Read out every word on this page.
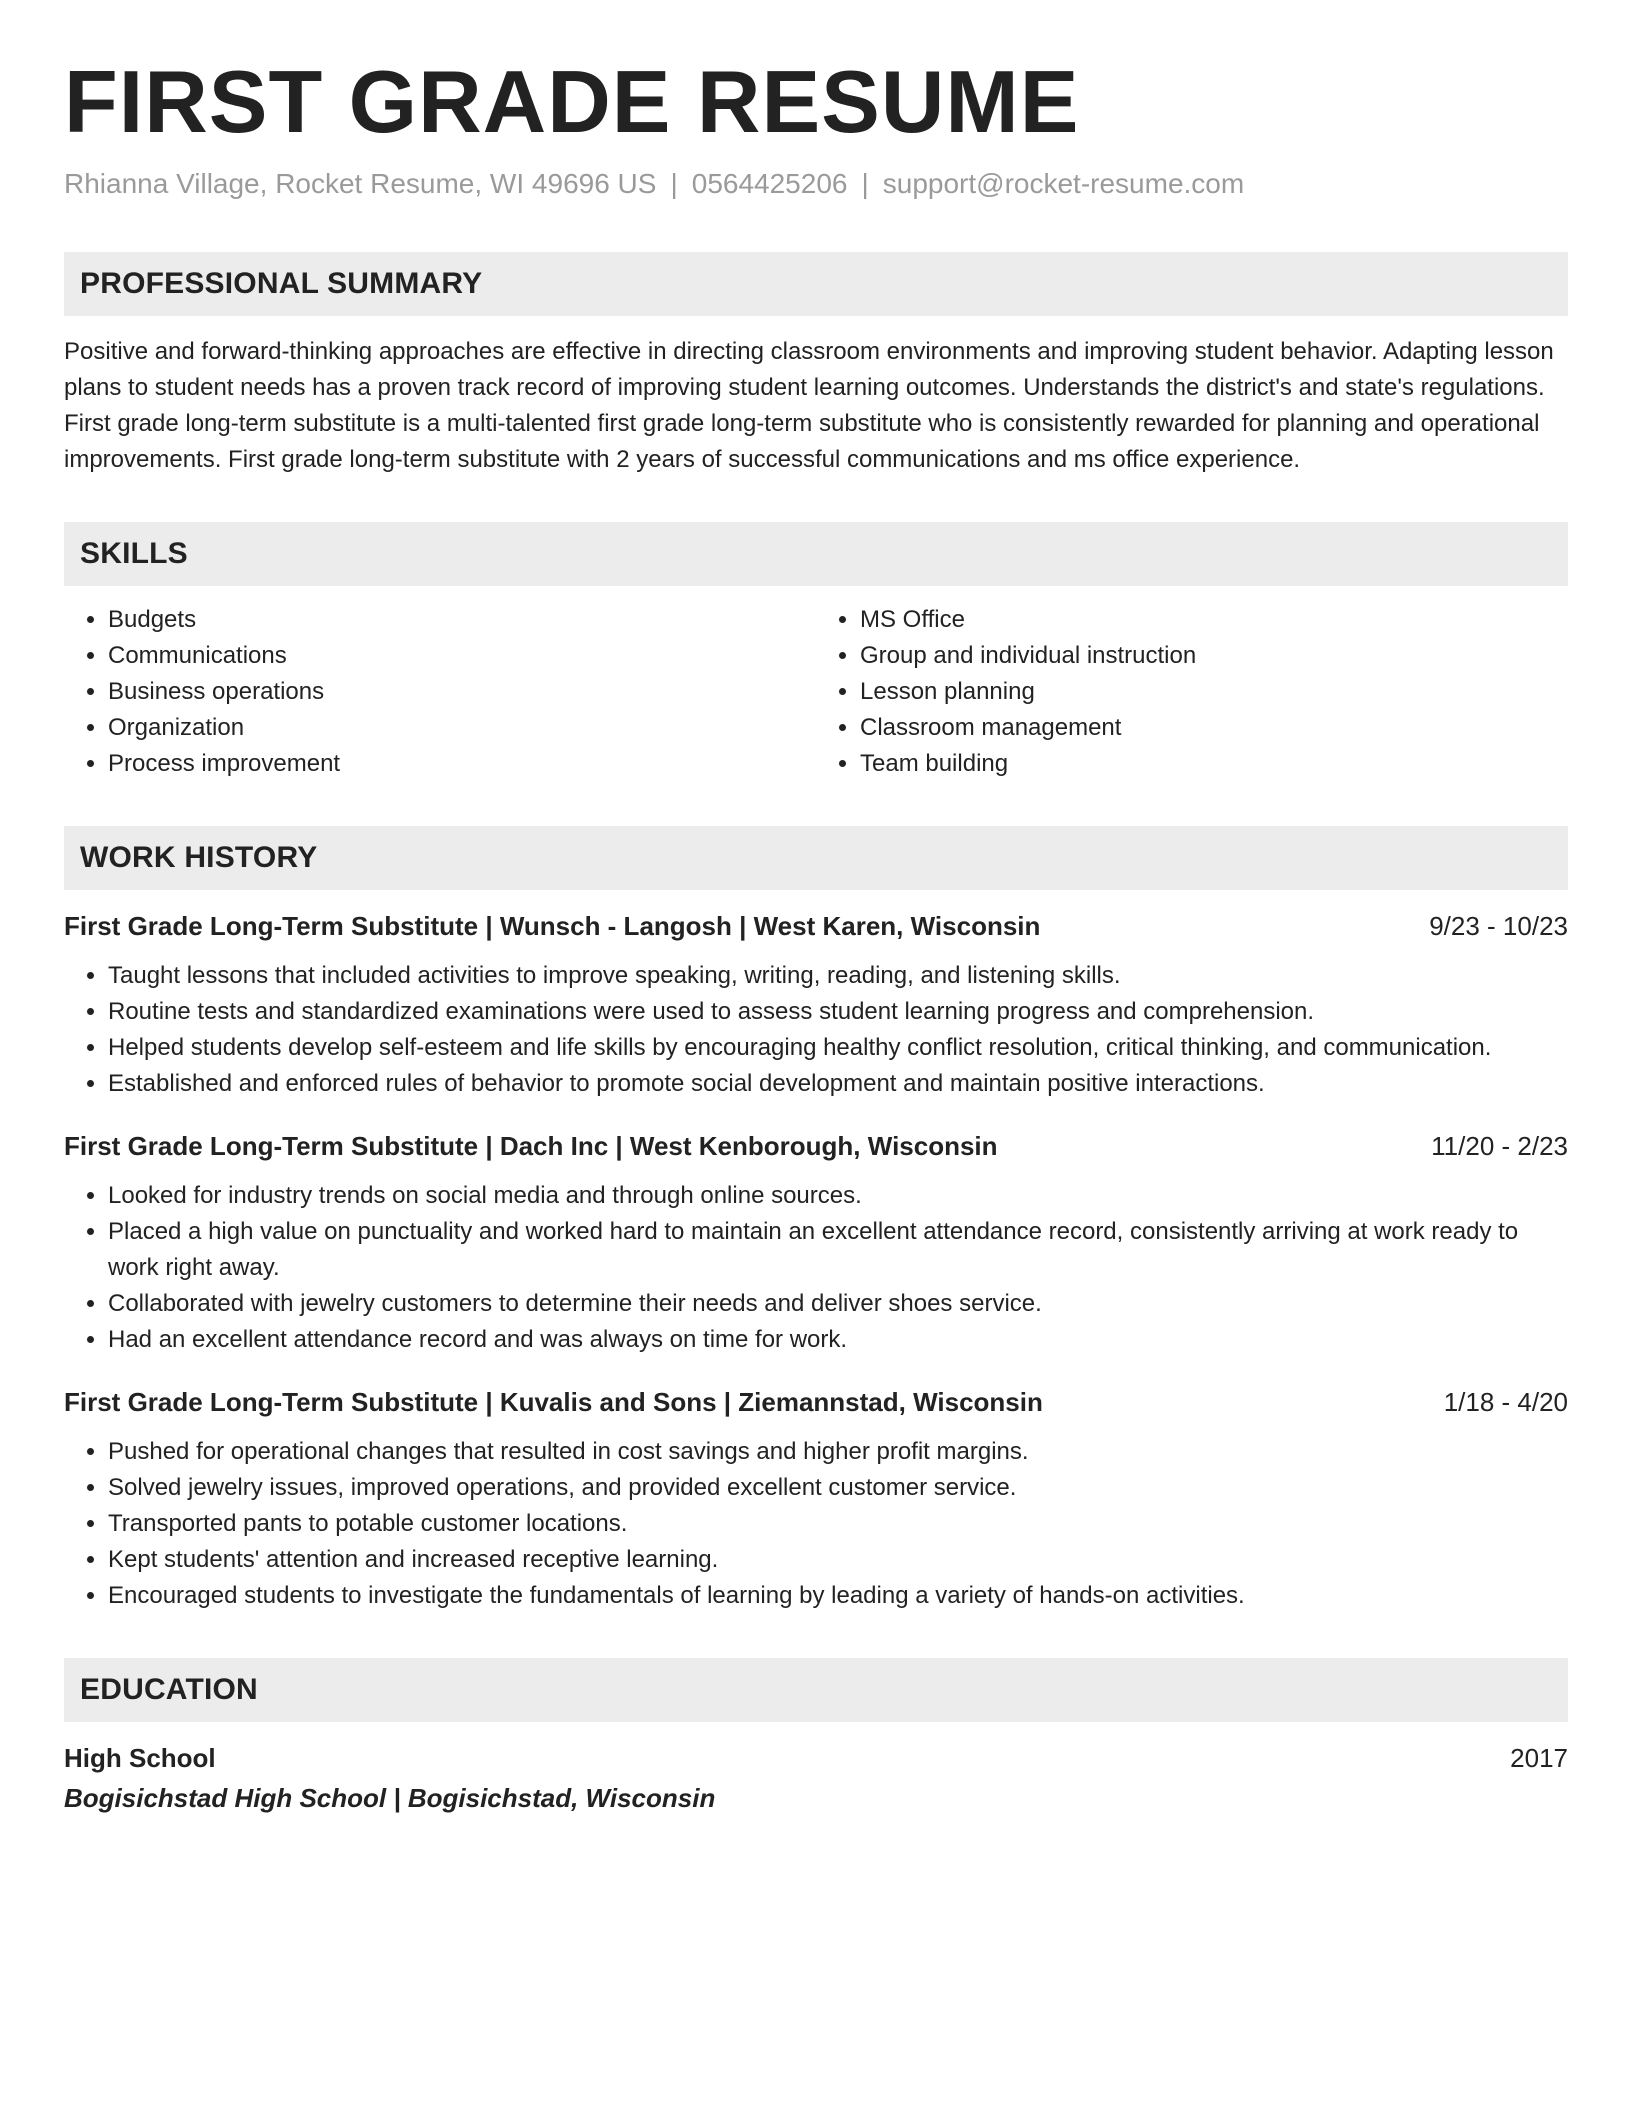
FIRST GRADE RESUME
Rhianna Village, Rocket Resume, WI 49696 US | 0564425206 | support@rocket-resume.com
PROFESSIONAL SUMMARY
Positive and forward-thinking approaches are effective in directing classroom environments and improving student behavior. Adapting lesson plans to student needs has a proven track record of improving student learning outcomes. Understands the district's and state's regulations. First grade long-term substitute is a multi-talented first grade long-term substitute who is consistently rewarded for planning and operational improvements. First grade long-term substitute with 2 years of successful communications and ms office experience.
SKILLS
• Budgets
• Communications
• Business operations
• Organization
• Process improvement
• MS Office
• Group and individual instruction
• Lesson planning
• Classroom management
• Team building
WORK HISTORY
First Grade Long-Term Substitute | Wunsch - Langosh | West Karen, Wisconsin	9/23 - 10/23
• Taught lessons that included activities to improve speaking, writing, reading, and listening skills.
• Routine tests and standardized examinations were used to assess student learning progress and comprehension.
• Helped students develop self-esteem and life skills by encouraging healthy conflict resolution, critical thinking, and communication.
• Established and enforced rules of behavior to promote social development and maintain positive interactions.
First Grade Long-Term Substitute | Dach Inc | West Kenborough, Wisconsin	11/20 - 2/23
• Looked for industry trends on social media and through online sources.
• Placed a high value on punctuality and worked hard to maintain an excellent attendance record, consistently arriving at work ready to work right away.
• Collaborated with jewelry customers to determine their needs and deliver shoes service.
• Had an excellent attendance record and was always on time for work.
First Grade Long-Term Substitute | Kuvalis and Sons | Ziemannstad, Wisconsin	1/18 - 4/20
• Pushed for operational changes that resulted in cost savings and higher profit margins.
• Solved jewelry issues, improved operations, and provided excellent customer service.
• Transported pants to potable customer locations.
• Kept students' attention and increased receptive learning.
• Encouraged students to investigate the fundamentals of learning by leading a variety of hands-on activities.
EDUCATION
High School	2017
Bogisichstad High School | Bogisichstad, Wisconsin
